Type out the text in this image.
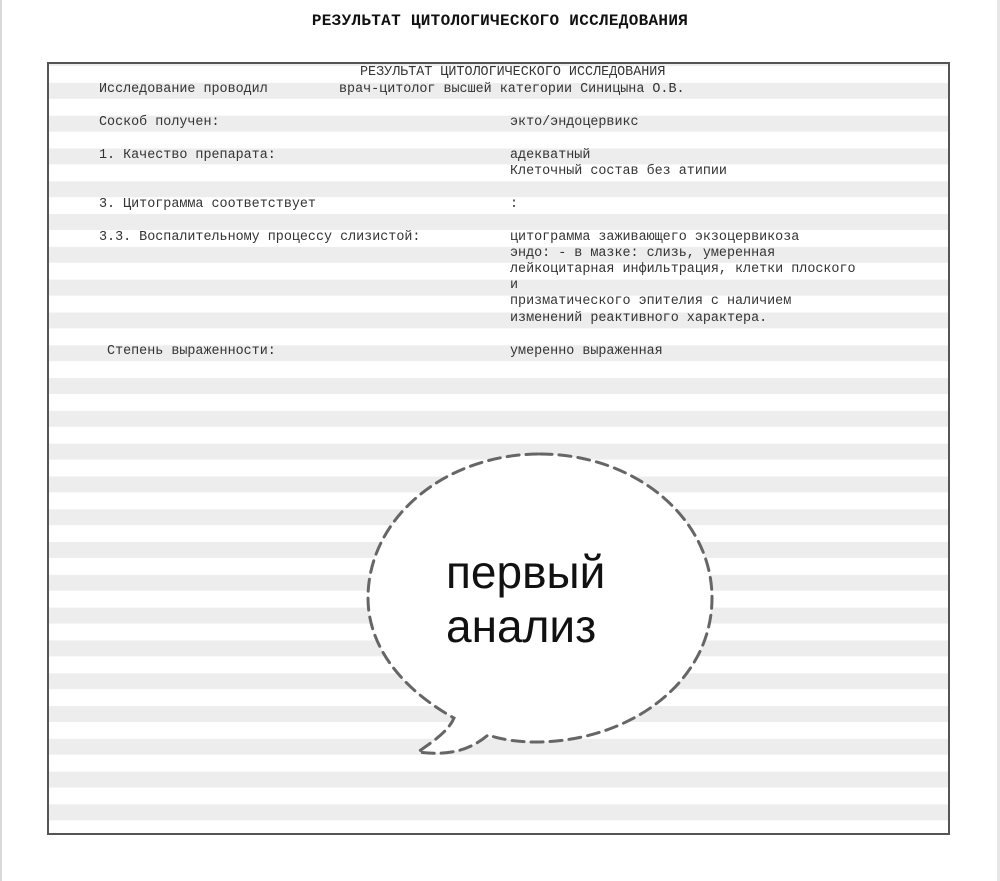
РЕЗУЛЬТАТ ЦИТОЛОГИЧЕСКОГО ИССЛЕДОВАНИЯ
РЕЗУЛЬТАТ ЦИТОЛОГИЧЕСКОГО ИССЛЕДОВАНИЯ
Исследование проводил	врач-цитолог высшей категории Синицына О.В.
Соскоб получен:	экто/эндоцервикс
1. Качество препарата:	адекватный
Клеточный состав без атипии
3. Цитограмма соответствует	:
3.3. Воспалительному процессу слизистой:	цитограмма заживающего экзоцервикоза
эндо: - в мазке: слизь, умеренная
лейкоцитарная инфильтрация, клетки плоского
и
призматического эпителия с наличием
изменений реактивного характера.
Степень выраженности:	умеренно выраженная
первый
анализ
